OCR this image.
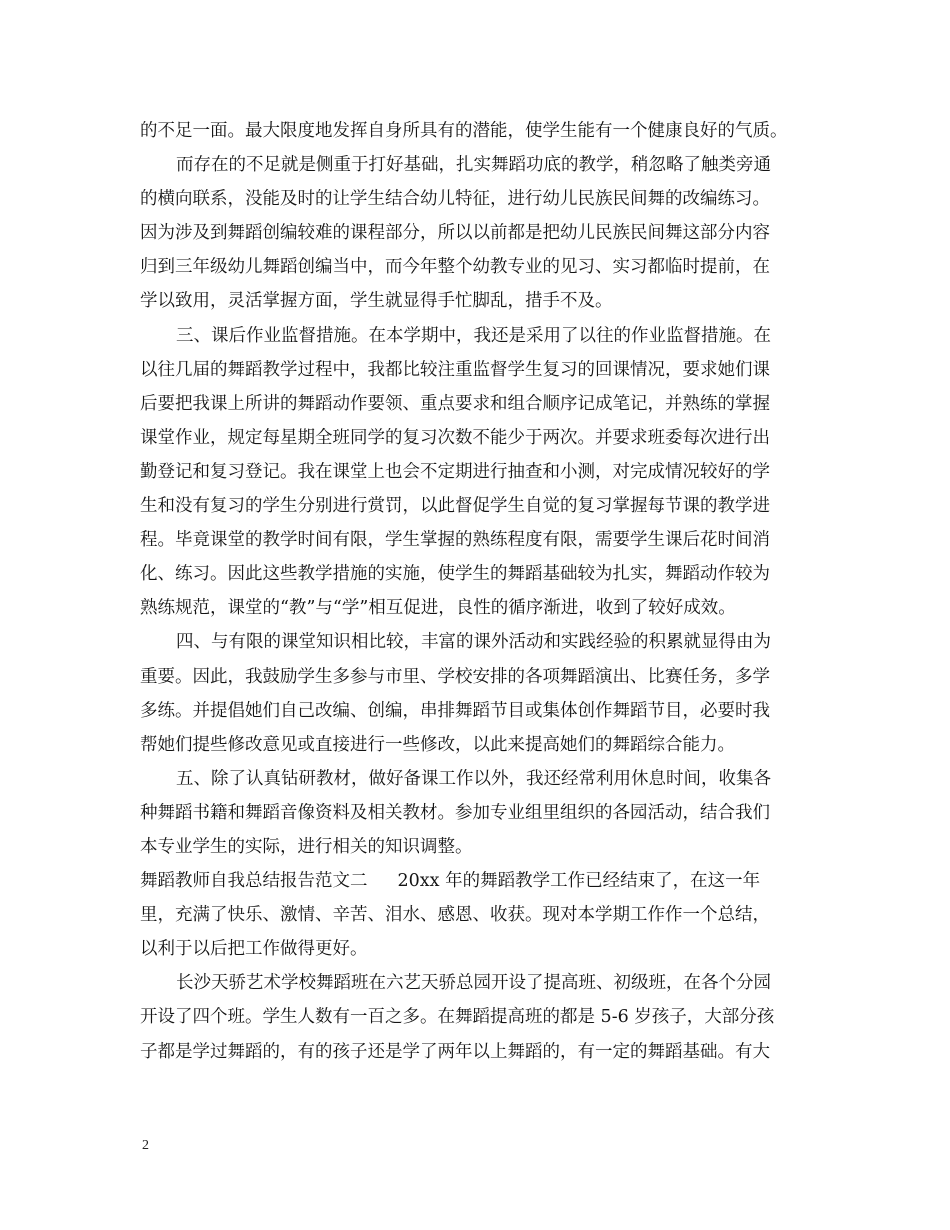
的不足一面。最大限度地发挥自身所具有的潜能，使学生能有一个健康良好的气质。
而存在的不足就是侧重于打好基础，扎实舞蹈功底的教学，稍忽略了触类旁通
的横向联系，没能及时的让学生结合幼儿特征，进行幼儿民族民间舞的改编练习。
因为涉及到舞蹈创编较难的课程部分，所以以前都是把幼儿民族民间舞这部分内容
归到三年级幼儿舞蹈创编当中，而今年整个幼教专业的见习、实习都临时提前，在
学以致用，灵活掌握方面，学生就显得手忙脚乱，措手不及。
三、课后作业监督措施。在本学期中，我还是采用了以往的作业监督措施。在
以往几届的舞蹈教学过程中，我都比较注重监督学生复习的回课情况，要求她们课
后要把我课上所讲的舞蹈动作要领、重点要求和组合顺序记成笔记，并熟练的掌握
课堂作业，规定每星期全班同学的复习次数不能少于两次。并要求班委每次进行出
勤登记和复习登记。我在课堂上也会不定期进行抽查和小测，对完成情况较好的学
生和没有复习的学生分别进行赏罚，以此督促学生自觉的复习掌握每节课的教学进
程。毕竟课堂的教学时间有限，学生掌握的熟练程度有限，需要学生课后花时间消
化、练习。因此这些教学措施的实施，使学生的舞蹈基础较为扎实，舞蹈动作较为
熟练规范，课堂的“教”与“学”相互促进，良性的循序渐进，收到了较好成效。
四、与有限的课堂知识相比较，丰富的课外活动和实践经验的积累就显得由为
重要。因此，我鼓励学生多参与市里、学校安排的各项舞蹈演出、比赛任务，多学
多练。并提倡她们自己改编、创编，串排舞蹈节目或集体创作舞蹈节目，必要时我
帮她们提些修改意见或直接进行一些修改，以此来提高她们的舞蹈综合能力。
五、除了认真钻研教材，做好备课工作以外，我还经常利用休息时间，收集各
种舞蹈书籍和舞蹈音像资料及相关教材。参加专业组里组织的各园活动，结合我们
本专业学生的实际，进行相关的知识调整。
舞蹈教师自我总结报告范文二 20xx 年的舞蹈教学工作已经结束了，在这一年
里，充满了快乐、激情、辛苦、泪水、感恩、收获。现对本学期工作作一个总结，
以利于以后把工作做得更好。
长沙天骄艺术学校舞蹈班在六艺天骄总园开设了提高班、初级班，在各个分园
开设了四个班。学生人数有一百之多。在舞蹈提高班的都是 5-6 岁孩子，大部分孩
子都是学过舞蹈的，有的孩子还是学了两年以上舞蹈的，有一定的舞蹈基础。有大
2
